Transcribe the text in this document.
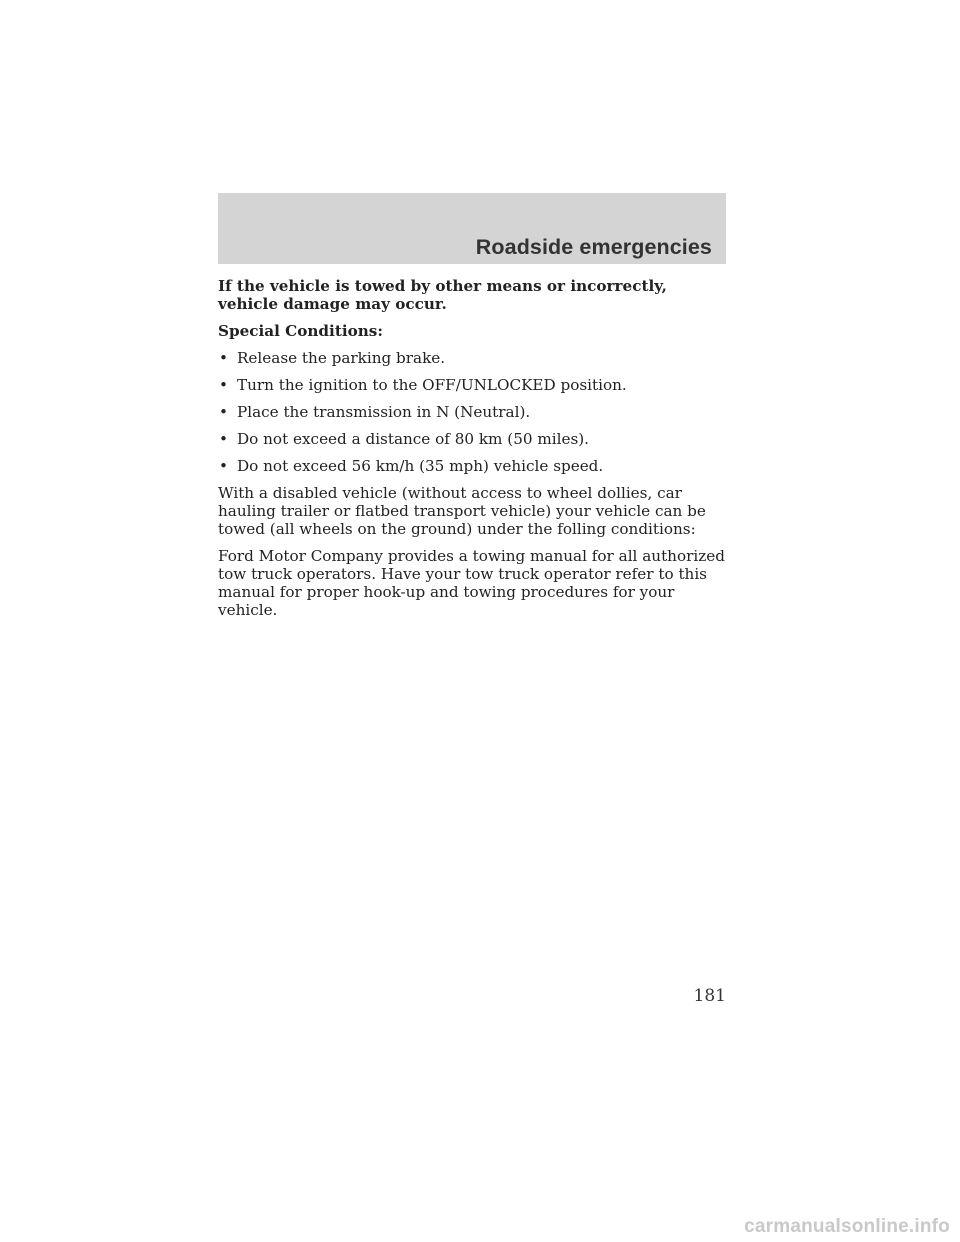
Roadside emergencies

If the vehicle is towed by other means or incorrectly, vehicle damage may occur.

Special Conditions:

• Release the parking brake.
• Turn the ignition to the OFF/UNLOCKED position.
• Place the transmission in N (Neutral).
• Do not exceed a distance of 80 km (50 miles).
• Do not exceed 56 km/h (35 mph) vehicle speed.

With a disabled vehicle (without access to wheel dollies, car hauling trailer or flatbed transport vehicle) your vehicle can be towed (all wheels on the ground) under the folling conditions:

Ford Motor Company provides a towing manual for all authorized tow truck operators. Have your tow truck operator refer to this manual for proper hook-up and towing procedures for your vehicle.

181
carmanualsonline.info
